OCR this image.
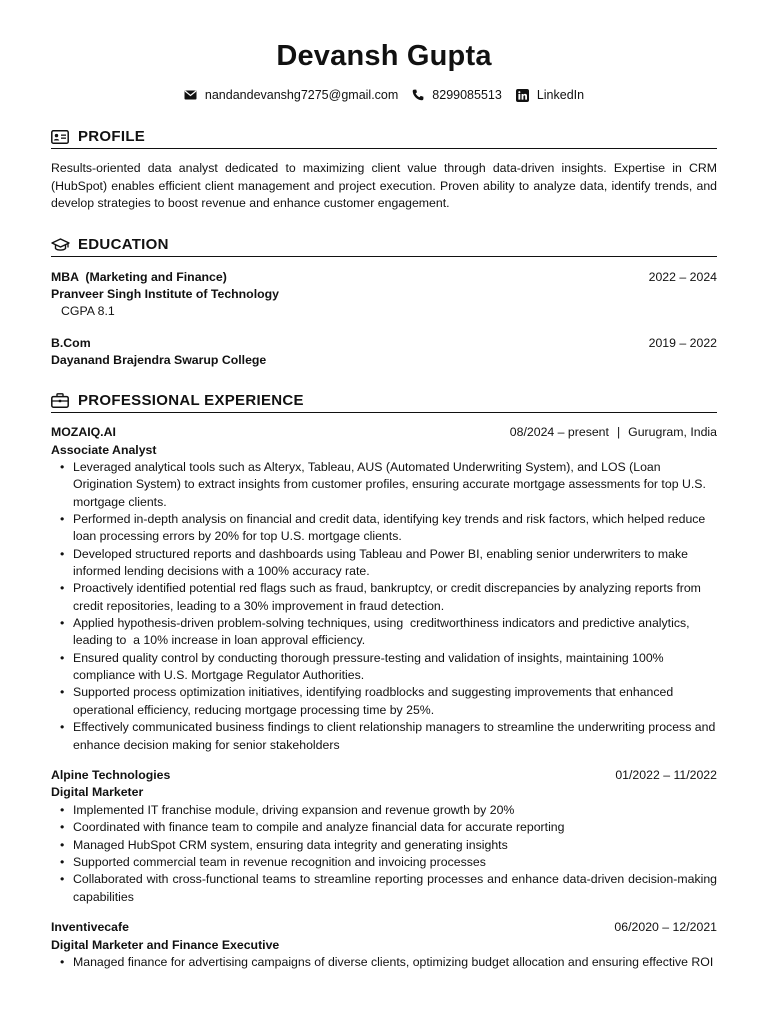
Devansh Gupta
nandandevanshg7275@gmail.com	8299085513	LinkedIn
PROFILE
Results-oriented data analyst dedicated to maximizing client value through data-driven insights. Expertise in CRM (HubSpot) enables efficient client management and project execution. Proven ability to analyze data, identify trends, and develop strategies to boost revenue and enhance customer engagement.
EDUCATION
MBA  (Marketing and Finance)	2022 – 2024
Pranveer Singh Institute of Technology
CGPA 8.1
B.Com	2019 – 2022
Dayanand Brajendra Swarup College
PROFESSIONAL EXPERIENCE
MOZAIQ.AI	08/2024 – present | Gurugram, India
Associate Analyst
• Leveraged analytical tools such as Alteryx, Tableau, AUS (Automated Underwriting System), and LOS (Loan Origination System) to extract insights from customer profiles, ensuring accurate mortgage assessments for top U.S. mortgage clients.
• Performed in-depth analysis on financial and credit data, identifying key trends and risk factors, which helped reduce loan processing errors by 20% for top U.S. mortgage clients.
• Developed structured reports and dashboards using Tableau and Power BI, enabling senior underwriters to make  informed lending decisions with a 100% accuracy rate.
• Proactively identified potential red flags such as fraud, bankruptcy, or credit discrepancies by analyzing reports from credit repositories, leading to a 30% improvement in fraud detection.
• Applied hypothesis-driven problem-solving techniques, using  creditworthiness indicators and predictive analytics, leading to  a 10% increase in loan approval efficiency.
• Ensured quality control by conducting thorough pressure-testing and validation of insights, maintaining 100% compliance with U.S. Mortgage Regulator Authorities.
• Supported process optimization initiatives, identifying roadblocks and suggesting improvements that enhanced operational efficiency, reducing mortgage processing time by 25%.
• Effectively communicated business findings to client relationship managers to streamline the underwriting process and enhance decision making for senior stakeholders
Alpine Technologies	01/2022 – 11/2022
Digital Marketer
• Implemented IT franchise module, driving expansion and revenue growth by 20%
• Coordinated with finance team to compile and analyze financial data for accurate reporting
• Managed HubSpot CRM system, ensuring data integrity and generating insights
• Supported commercial team in revenue recognition and invoicing processes
• Collaborated with cross-functional teams to streamline reporting processes and enhance data-driven decision-making capabilities
Inventivecafe	06/2020 – 12/2021
Digital Marketer and Finance Executive
• Managed finance for advertising campaigns of diverse clients, optimizing budget allocation and ensuring effective ROI
